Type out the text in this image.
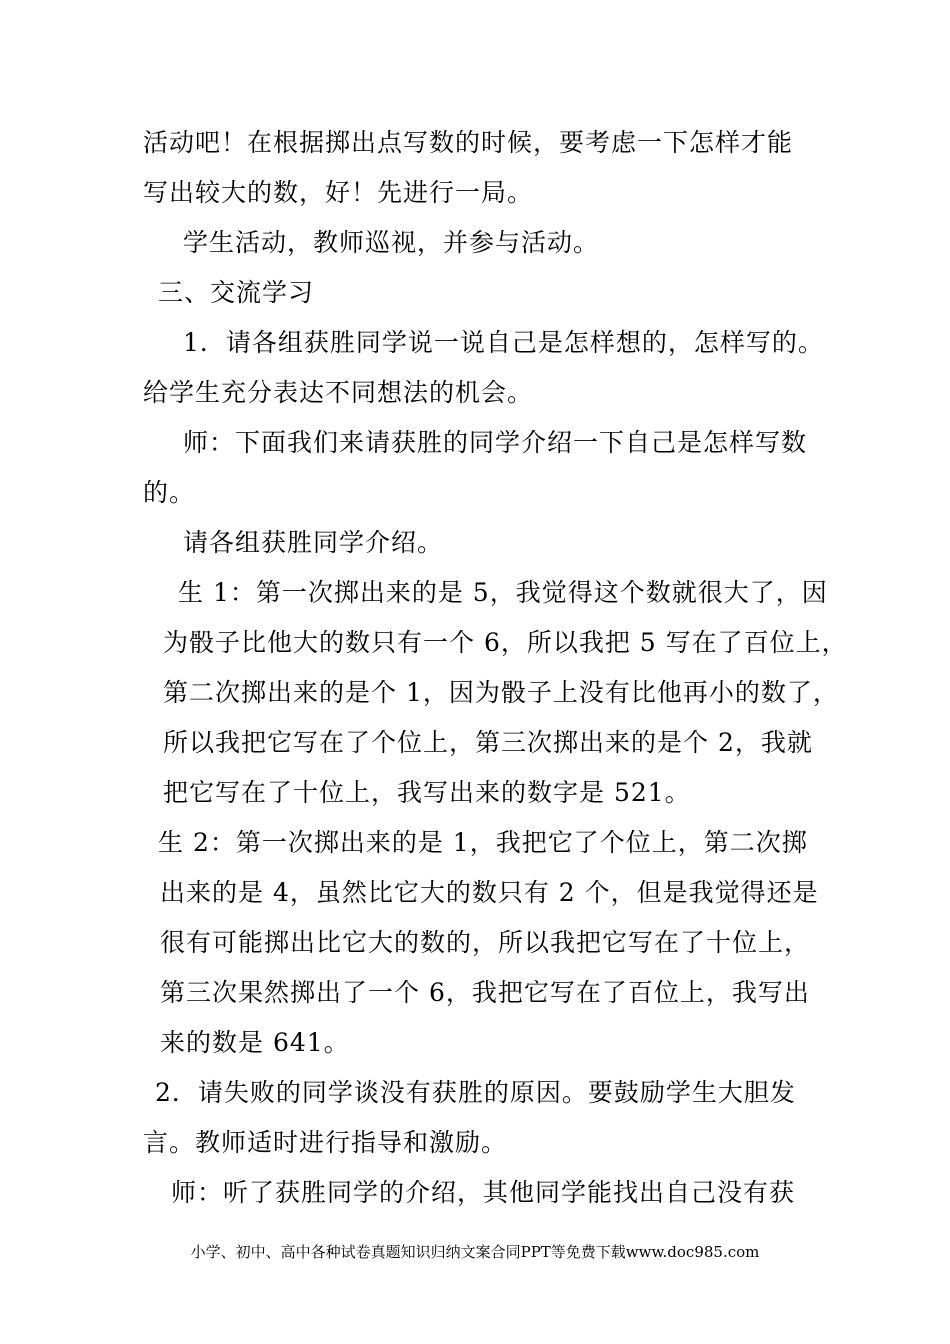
活动吧！在根据掷出点写数的时候，要考虑一下怎样才能
写出较大的数，好！先进行一局。
学生活动，教师巡视，并参与活动。
三、交流学习
1．请各组获胜同学说一说自己是怎样想的，怎样写的。
给学生充分表达不同想法的机会。
师：下面我们来请获胜的同学介绍一下自己是怎样写数
的。
请各组获胜同学介绍。
生 1：第一次掷出来的是 5，我觉得这个数就很大了，因
为骰子比他大的数只有一个 6，所以我把 5 写在了百位上，
第二次掷出来的是个 1，因为骰子上没有比他再小的数了，
所以我把它写在了个位上，第三次掷出来的是个 2，我就
把它写在了十位上，我写出来的数字是 521。
生 2：第一次掷出来的是 1，我把它了个位上，第二次掷
出来的是 4，虽然比它大的数只有 2 个，但是我觉得还是
很有可能掷出比它大的数的，所以我把它写在了十位上，
第三次果然掷出了一个 6，我把它写在了百位上，我写出
来的数是 641。
2．请失败的同学谈没有获胜的原因。要鼓励学生大胆发
言。教师适时进行指导和激励。
师：听了获胜同学的介绍，其他同学能找出自己没有获
小学、初中、高中各种试卷真题知识归纳文案合同PPT等免费下载www.doc985.com
